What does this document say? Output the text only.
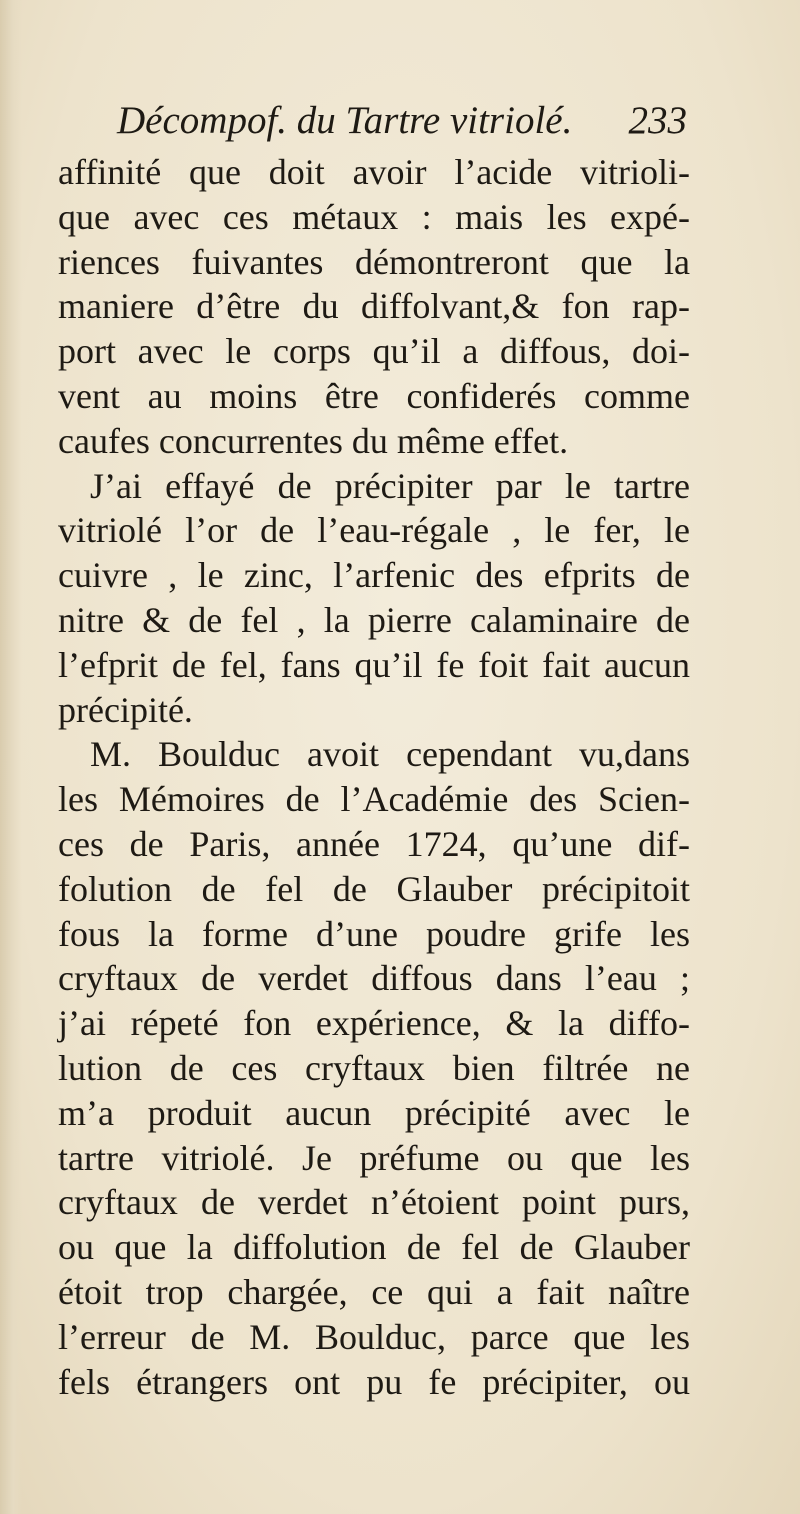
Décompof. du Tartre vitriolé. 233
affinité que doit avoir l’acide vitrioli-
que avec ces métaux : mais les expé-
riences fuivantes démontreront que la
maniere d’être du diffolvant,& fon rap-
port avec le corps qu’il a diffous, doi-
vent au moins être confiderés comme
caufes concurrentes du même effet.
J’ai effayé de précipiter par le tartre
vitriolé l’or de l’eau-régale , le fer, le
cuivre , le zinc, l’arfenic des efprits de
nitre & de fel , la pierre calaminaire de
l’efprit de fel, fans qu’il fe foit fait aucun
précipité.
M. Boulduc avoit cependant vu,dans
les Mémoires de l’Académie des Scien-
ces de Paris, année 1724, qu’une dif-
folution de fel de Glauber précipitoit
fous la forme d’une poudre grife les
cryftaux de verdet diffous dans l’eau ;
j’ai répeté fon expérience, & la diffo-
lution de ces cryftaux bien filtrée ne
m’a produit aucun précipité avec le
tartre vitriolé. Je préfume ou que les
cryftaux de verdet n’étoient point purs,
ou que la diffolution de fel de Glauber
étoit trop chargée, ce qui a fait naître
l’erreur de M. Boulduc, parce que les
fels étrangers ont pu fe précipiter, ou
